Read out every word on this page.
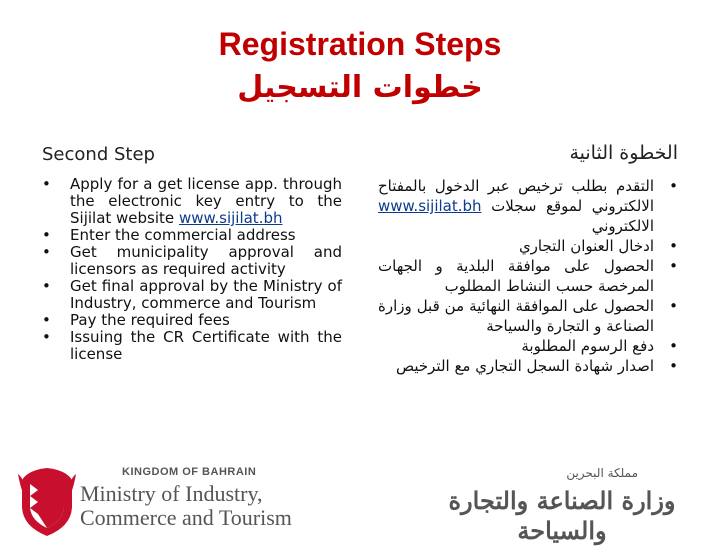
Registration Steps
خطوات التسجيل
Second Step	الخطوة الثانية
• Apply for a get license app. through the electronic key entry to the Sijilat website www.sijilat.bh
• Enter the commercial address
• Get municipality approval and licensors as required activity
• Get final approval by the Ministry of Industry, commerce and Tourism
• Pay the required fees
• Issuing the CR Certificate with the license
• التقدم بطلب ترخيص عبر الدخول بالمفتاح الالكتروني لموقع سجلات www.sijilat.bh الالكتروني
• ادخال العنوان التجاري
• الحصول على موافقة البلدية و الجهات المرخصة حسب النشاط المطلوب
• الحصول على الموافقة النهائية من قبل وزارة الصناعة و التجارة والسياحة
• دفع الرسوم المطلوبة
• اصدار شهادة السجل التجاري مع الترخيص
KINGDOM OF BAHRAIN
Ministry of Industry,
Commerce and Tourism
مملكة البحرين
وزارة الصناعة والتجارة والسياحة
